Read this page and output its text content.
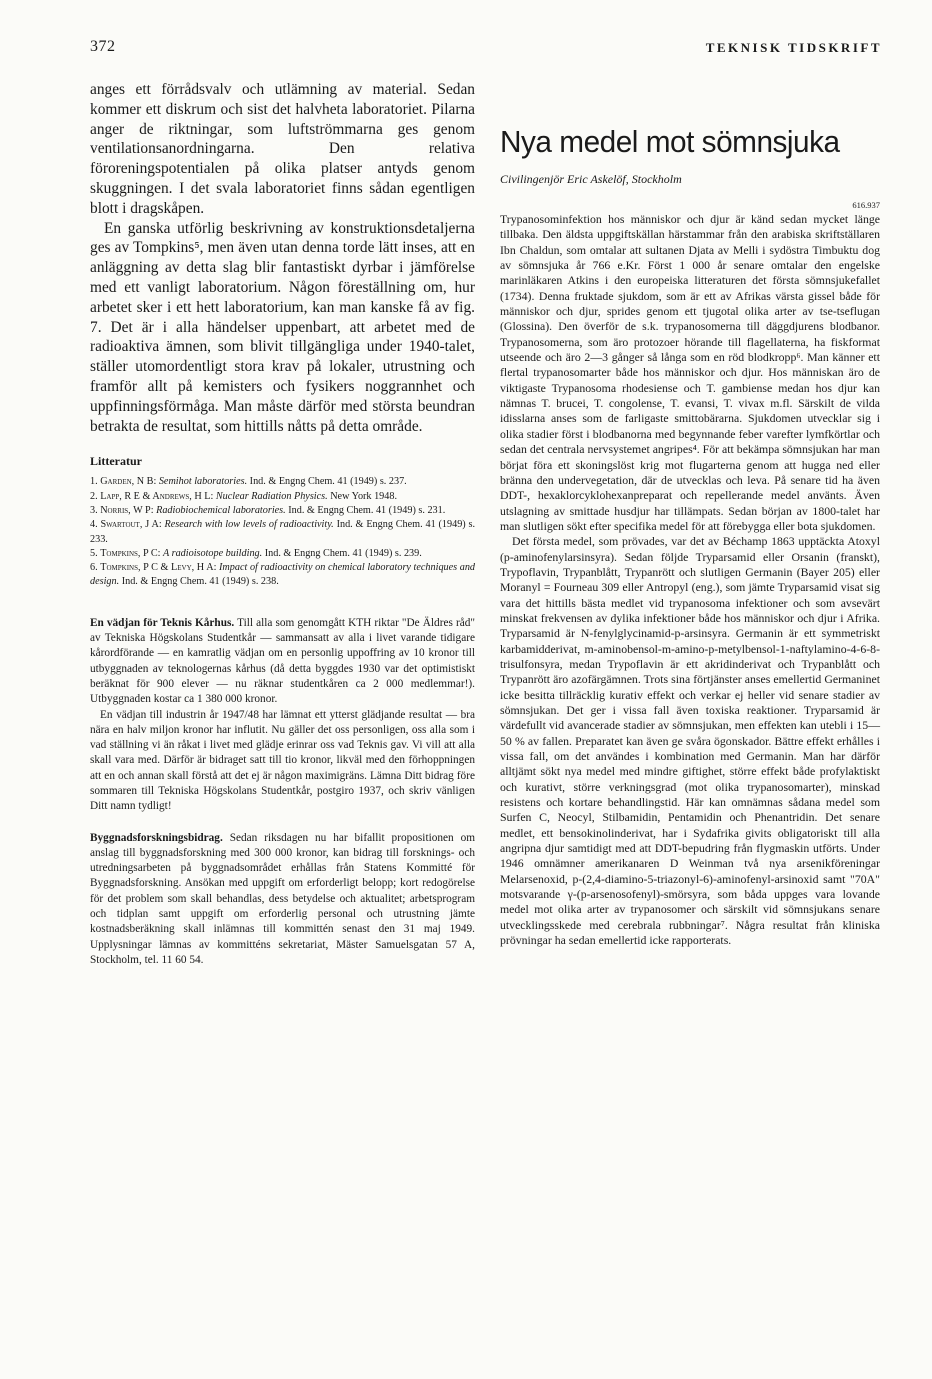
372	TEKNISK TIDSKRIFT

anges ett förrådsvalv och utlämning av material. Sedan kommer ett diskrum och sist det halvheta laboratoriet. Pilarna anger de riktningar, som luftströmmarna ges genom ventilationsanordningarna. Den relativa föroreningspotentialen på olika platser antyds genom skuggningen. I det svala laboratoriet finns sådan egentligen blott i dragskåpen.

En ganska utförlig beskrivning av konstruktionsdetaljerna ges av Tompkins⁵, men även utan denna torde lätt inses, att en anläggning av detta slag blir fantastiskt dyrbar i jämförelse med ett vanligt laboratorium. Någon föreställning om, hur arbetet sker i ett hett laboratorium, kan man kanske få av fig. 7. Det är i alla händelser uppenbart, att arbetet med de radioaktiva ämnen, som blivit tillgängliga under 1940-talet, ställer utomordentligt stora krav på lokaler, utrustning och framför allt på kemisters och fysikers noggrannhet och uppfinningsförmåga. Man måste därför med största beundran betrakta de resultat, som hittills nåtts på detta område.

Litteratur

1. Garden, N B: Semihot laboratories. Ind. & Engng Chem. 41 (1949) s. 237.

2. Lapp, R E & Andrews, H L: Nuclear Radiation Physics. New York 1948.

3. Norris, W P: Radiobiochemical laboratories. Ind. & Engng Chem. 41 (1949) s. 231.

4. Swartout, J A: Research with low levels of radioactivity. Ind. & Engng Chem. 41 (1949) s. 233.

5. Tompkins, P C: A radioisotope building. Ind. & Engng Chem. 41 (1949) s. 239.

6. Tompkins, P C & Levy, H A: Impact of radioactivity on chemical laboratory techniques and design. Ind. & Engng Chem. 41 (1949) s. 238.

En vädjan för Teknis Kårhus. Till alla som genomgått KTH riktar "De Äldres råd" av Tekniska Högskolans Studentkår — sammansatt av alla i livet varande tidigare kårordförande — en kamratlig vädjan om en personlig uppoffring av 10 kronor till utbyggnaden av teknologernas kårhus (då detta byggdes 1930 var det optimistiskt beräknat för 900 elever — nu räknar studentkåren ca 2 000 medlemmar!). Utbyggnaden kostar ca 1 380 000 kronor.

En vädjan till industrin år 1947/48 har lämnat ett ytterst glädjande resultat — bra nära en halv miljon kronor har influtit. Nu gäller det oss personligen, oss alla som i vad ställning vi än råkat i livet med glädje erinrar oss vad Teknis gav. Vi vill att alla skall vara med. Därför är bidraget satt till tio kronor, likväl med den förhoppningen att en och annan skall förstå att det ej är någon maximigräns. Lämna Ditt bidrag före sommaren till Tekniska Högskolans Studentkår, postgiro 1937, och skriv vänligen Ditt namn tydligt!

Byggnadsforskningsbidrag. Sedan riksdagen nu har bifallit propositionen om anslag till byggnadsforskning med 300 000 kronor, kan bidrag till forsknings- och utredningsarbeten på byggnadsområdet erhållas från Statens Kommitté för Byggnadsforskning. Ansökan med uppgift om erforderligt belopp; kort redogörelse för det problem som skall behandlas, dess betydelse och aktualitet; arbetsprogram och tidplan samt uppgift om erforderlig personal och utrustning jämte kostnadsberäkning skall inlämnas till kommittén senast den 31 maj 1949. Upplysningar lämnas av kommitténs sekretariat, Mäster Samuelsgatan 57 A, Stockholm, tel. 11 60 54.

Nya medel mot sömnsjuka
Civilingenjör Eric Askelöf, Stockholm
616.937

Trypanosominfektion hos människor och djur är känd sedan mycket länge tillbaka. Den äldsta uppgiftskällan härstammar från den arabiska skriftställaren Ibn Chaldun, som omtalar att sultanen Djata av Melli i sydöstra Timbuktu dog av sömnsjuka år 766 e.Kr. Först 1 000 år senare omtalar den engelske marinläkaren Atkins i den europeiska litteraturen det första sömnsjukefallet (1734). Denna fruktade sjukdom, som är ett av Afrikas värsta gissel både för människor och djur, sprides genom ett tjugotal olika arter av tse-tseflugan (Glossina). Den överför de s.k. trypanosomerna till däggdjurens blodbanor. Trypanosomerna, som äro protozoer hörande till flagellaterna, ha fiskformat utseende och äro 2—3 gånger så långa som en röd blodkropp⁶. Man känner ett flertal trypanosomarter både hos människor och djur. Hos människan äro de viktigaste Trypanosoma rhodesiense och T. gambiense medan hos djur kan nämnas T. brucei, T. congolense, T. evansi, T. vivax m.fl. Särskilt de vilda idisslarna anses som de farligaste smittobärarna. Sjukdomen utvecklar sig i olika stadier först i blodbanorna med begynnande feber varefter lymfkörtlar och sedan det centrala nervsystemet angripes⁴. För att bekämpa sömnsjukan har man börjat föra ett skoningslöst krig mot flugarterna genom att hugga ned eller bränna den undervegetation, där de utvecklas och leva. På senare tid ha även DDT-, hexaklorcyklohexanpreparat och repellerande medel använts. Även utslagning av smittade husdjur har tillämpats. Sedan början av 1800-talet har man slutligen sökt efter specifika medel för att förebygga eller bota sjukdomen.

Det första medel, som prövades, var det av Béchamp 1863 upptäckta Atoxyl (p-aminofenylarsinsyra). Sedan följde Tryparsamid eller Orsanin (franskt), Trypoflavin, Trypanblått, Trypanrött och slutligen Germanin (Bayer 205) eller Moranyl = Fourneau 309 eller Antropyl (eng.), som jämte Tryparsamid visat sig vara det hittills bästa medlet vid trypanosoma infektioner och som avsevärt minskat frekvensen av dylika infektioner både hos människor och djur i Afrika. Tryparsamid är N-fenylglycinamid-p-arsinsyra. Germanin är ett symmetriskt karbamidderivat, m-aminobensol-m-amino-p-metylbensol-1-naftylamino-4-6-8-trisulfonsyra, medan Trypoflavin är ett akridinderivat och Trypanblått och Trypanrött äro azofärgämnen. Trots sina förtjänster anses emellertid Germaninet icke besitta tillräcklig kurativ effekt och verkar ej heller vid senare stadier av sömnsjukan. Det ger i vissa fall även toxiska reaktioner. Tryparsamid är värdefullt vid avancerade stadier av sömnsjukan, men effekten kan utebli i 15—50 % av fallen. Preparatet kan även ge svåra ögonskador. Bättre effekt erhålles i vissa fall, om det användes i kombination med Germanin. Man har därför alltjämt sökt nya medel med mindre giftighet, större effekt både profylaktiskt och kurativt, större verkningsgrad (mot olika trypanosomarter), minskad resistens och kortare behandlingstid. Här kan omnämnas sådana medel som Surfen C, Neocyl, Stilbamidin, Pentamidin och Phenantridin. Det senare medlet, ett bensokinolinderivat, har i Sydafrika givits obligatoriskt till alla angripna djur samtidigt med att DDT-bepudring från flygmaskin utförts. Under 1946 omnämner amerikanaren D Weinman två nya arsenikföreningar Melarsenoxid, p-(2,4-diamino-5-triazonyl-6)-aminofenyl-arsinoxid samt "70A" motsvarande γ-(p-arsenosofenyl)-smörsyra, som båda uppges vara lovande medel mot olika arter av trypanosomer och särskilt vid sömnsjukans senare utvecklingsskede med cerebrala rubbningar⁷. Några resultat från kliniska prövningar ha sedan emellertid icke rapporterats.
